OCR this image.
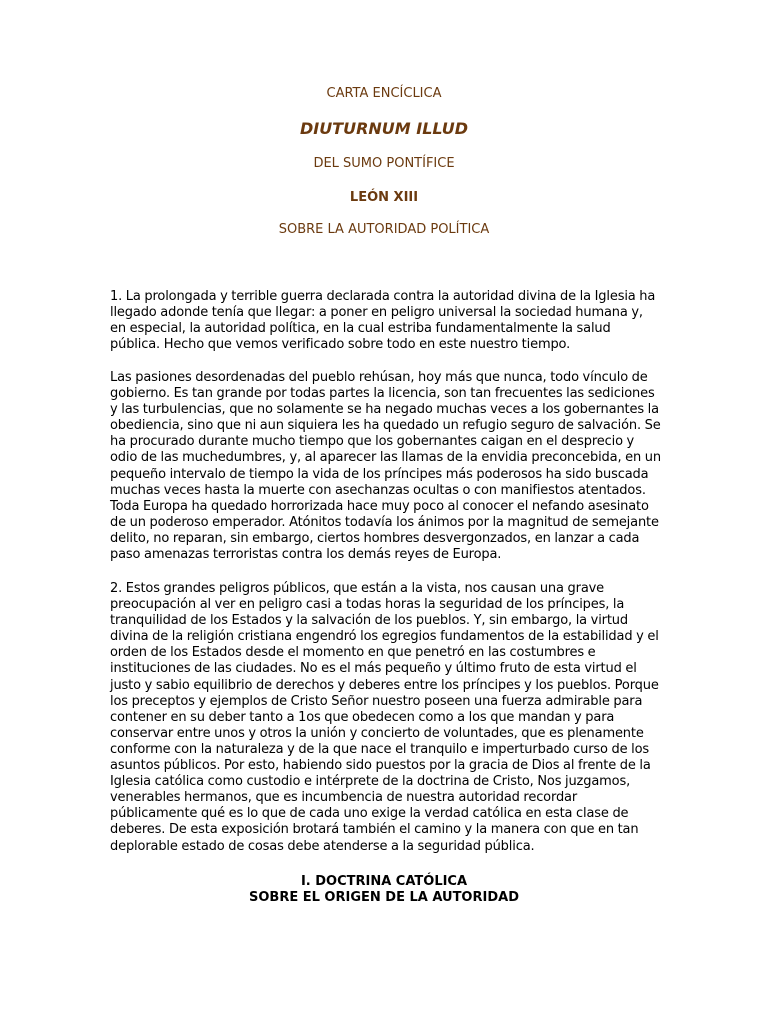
CARTA ENCÍCLICA
DIUTURNUM ILLUD
DEL SUMO PONTÍFICE
LEÓN XIII
SOBRE LA AUTORIDAD POLÍTICA

1. La prolongada y terrible guerra declarada contra la autoridad divina de la Iglesia ha llegado adonde tenía que llegar: a poner en peligro universal la sociedad humana y, en especial, la autoridad política, en la cual estriba fundamentalmente la salud pública. Hecho que vemos verificado sobre todo en este nuestro tiempo.

Las pasiones desordenadas del pueblo rehúsan, hoy más que nunca, todo vínculo de gobierno. Es tan grande por todas partes la licencia, son tan frecuentes las sediciones y las turbulencias, que no solamente se ha negado muchas veces a los gobernantes la obediencia, sino que ni aun siquiera les ha quedado un refugio seguro de salvación. Se ha procurado durante mucho tiempo que los gobernantes caigan en el desprecio y odio de las muchedumbres, y, al aparecer las llamas de la envidia preconcebida, en un pequeño intervalo de tiempo la vida de los príncipes más poderosos ha sido buscada muchas veces hasta la muerte con asechanzas ocultas o con manifiestos atentados. Toda Europa ha quedado horrorizada hace muy poco al conocer el nefando asesinato de un poderoso emperador. Atónitos todavía los ánimos por la magnitud de semejante delito, no reparan, sin embargo, ciertos hombres desvergonzados, en lanzar a cada paso amenazas terroristas contra los demás reyes de Europa.

2. Estos grandes peligros públicos, que están a la vista, nos causan una grave preocupación al ver en peligro casi a todas horas la seguridad de los príncipes, la tranquilidad de los Estados y la salvación de los pueblos. Y, sin embargo, la virtud divina de la religión cristiana engendró los egregios fundamentos de la estabilidad y el orden de los Estados desde el momento en que penetró en las costumbres e instituciones de las ciudades. No es el más pequeño y último fruto de esta virtud el justo y sabio equilibrio de derechos y deberes entre los príncipes y los pueblos. Porque los preceptos y ejemplos de Cristo Señor nuestro poseen una fuerza admirable para contener en su deber tanto a 1os que obedecen como a los que mandan y para conservar entre unos y otros la unión y concierto de voluntades, que es plenamente conforme con la naturaleza y de la que nace el tranquilo e imperturbado curso de los asuntos públicos. Por esto, habiendo sido puestos por la gracia de Dios al frente de la Iglesia católica como custodio e intérprete de la doctrina de Cristo, Nos juzgamos, venerables hermanos, que es incumbencia de nuestra autoridad recordar públicamente qué es lo que de cada uno exige la verdad católica en esta clase de deberes. De esta exposición brotará también el camino y la manera con que en tan deplorable estado de cosas debe atenderse a la seguridad pública.

I. DOCTRINA CATÓLICA
SOBRE EL ORIGEN DE LA AUTORIDAD
